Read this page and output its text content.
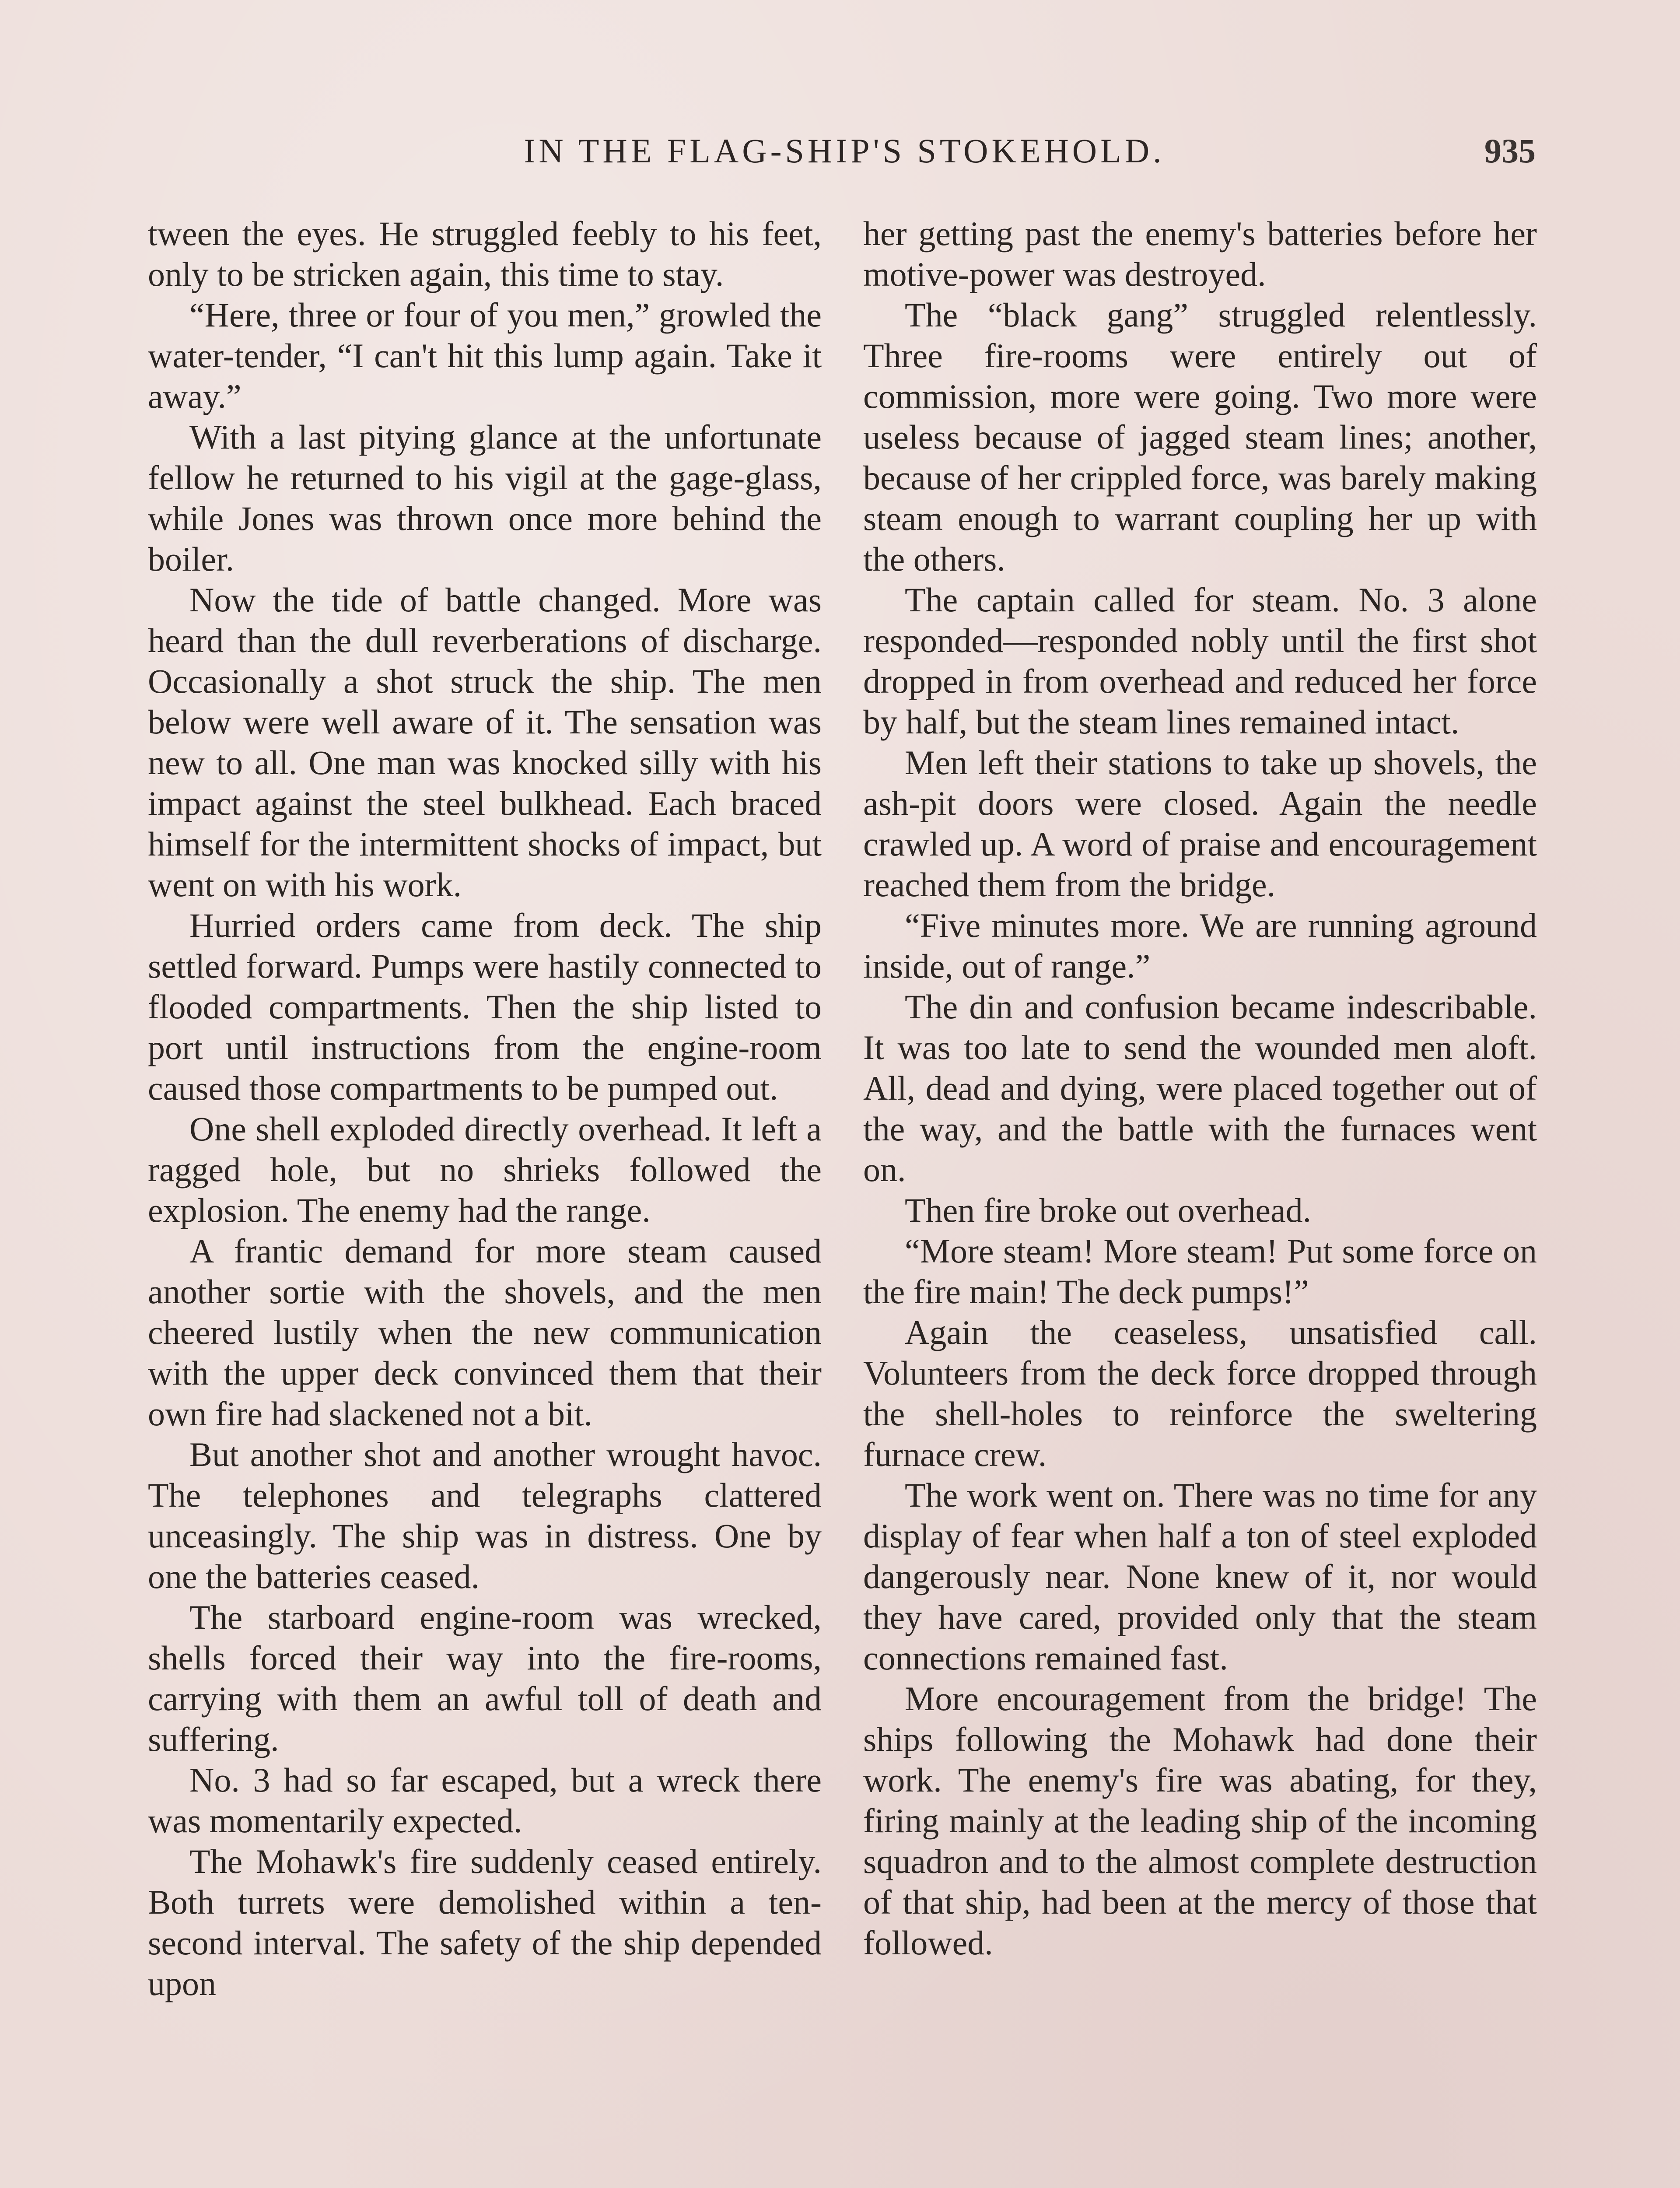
IN THE FLAG-SHIP'S STOKEHOLD.	935

tween the eyes. He struggled feebly to his feet, only to be stricken again, this time to stay.

“Here, three or four of you men,” growled the water-tender, “I can't hit this lump again. Take it away.”

With a last pitying glance at the unfortunate fellow he returned to his vigil at the gage-glass, while Jones was thrown once more behind the boiler.

Now the tide of battle changed. More was heard than the dull reverberations of discharge. Occasionally a shot struck the ship. The men below were well aware of it. The sensation was new to all. One man was knocked silly with his impact against the steel bulkhead. Each braced himself for the intermittent shocks of impact, but went on with his work.

Hurried orders came from deck. The ship settled forward. Pumps were hastily connected to flooded compartments. Then the ship listed to port until instructions from the engine-room caused those compartments to be pumped out.

One shell exploded directly overhead. It left a ragged hole, but no shrieks followed the explosion. The enemy had the range.

A frantic demand for more steam caused another sortie with the shovels, and the men cheered lustily when the new communication with the upper deck convinced them that their own fire had slackened not a bit.

But another shot and another wrought havoc. The telephones and telegraphs clattered unceasingly. The ship was in distress. One by one the batteries ceased.

The starboard engine-room was wrecked, shells forced their way into the fire-rooms, carrying with them an awful toll of death and suffering.

No. 3 had so far escaped, but a wreck there was momentarily expected.

The Mohawk's fire suddenly ceased entirely. Both turrets were demolished within a ten-second interval. The safety of the ship depended upon

her getting past the enemy's batteries before her motive-power was destroyed.

The “black gang” struggled relentlessly. Three fire-rooms were entirely out of commission, more were going. Two more were useless because of jagged steam lines; another, because of her crippled force, was barely making steam enough to warrant coupling her up with the others.

The captain called for steam. No. 3 alone responded—responded nobly until the first shot dropped in from overhead and reduced her force by half, but the steam lines remained intact.

Men left their stations to take up shovels, the ash-pit doors were closed. Again the needle crawled up. A word of praise and encouragement reached them from the bridge.

“Five minutes more. We are running aground inside, out of range.”

The din and confusion became indescribable. It was too late to send the wounded men aloft. All, dead and dying, were placed together out of the way, and the battle with the furnaces went on.

Then fire broke out overhead.

“More steam! More steam! Put some force on the fire main! The deck pumps!”

Again the ceaseless, unsatisfied call. Volunteers from the deck force dropped through the shell-holes to reinforce the sweltering furnace crew.

The work went on. There was no time for any display of fear when half a ton of steel exploded dangerously near. None knew of it, nor would they have cared, provided only that the steam connections remained fast.

More encouragement from the bridge! The ships following the Mohawk had done their work. The enemy's fire was abating, for they, firing mainly at the leading ship of the incoming squadron and to the almost complete destruction of that ship, had been at the mercy of those that followed.
